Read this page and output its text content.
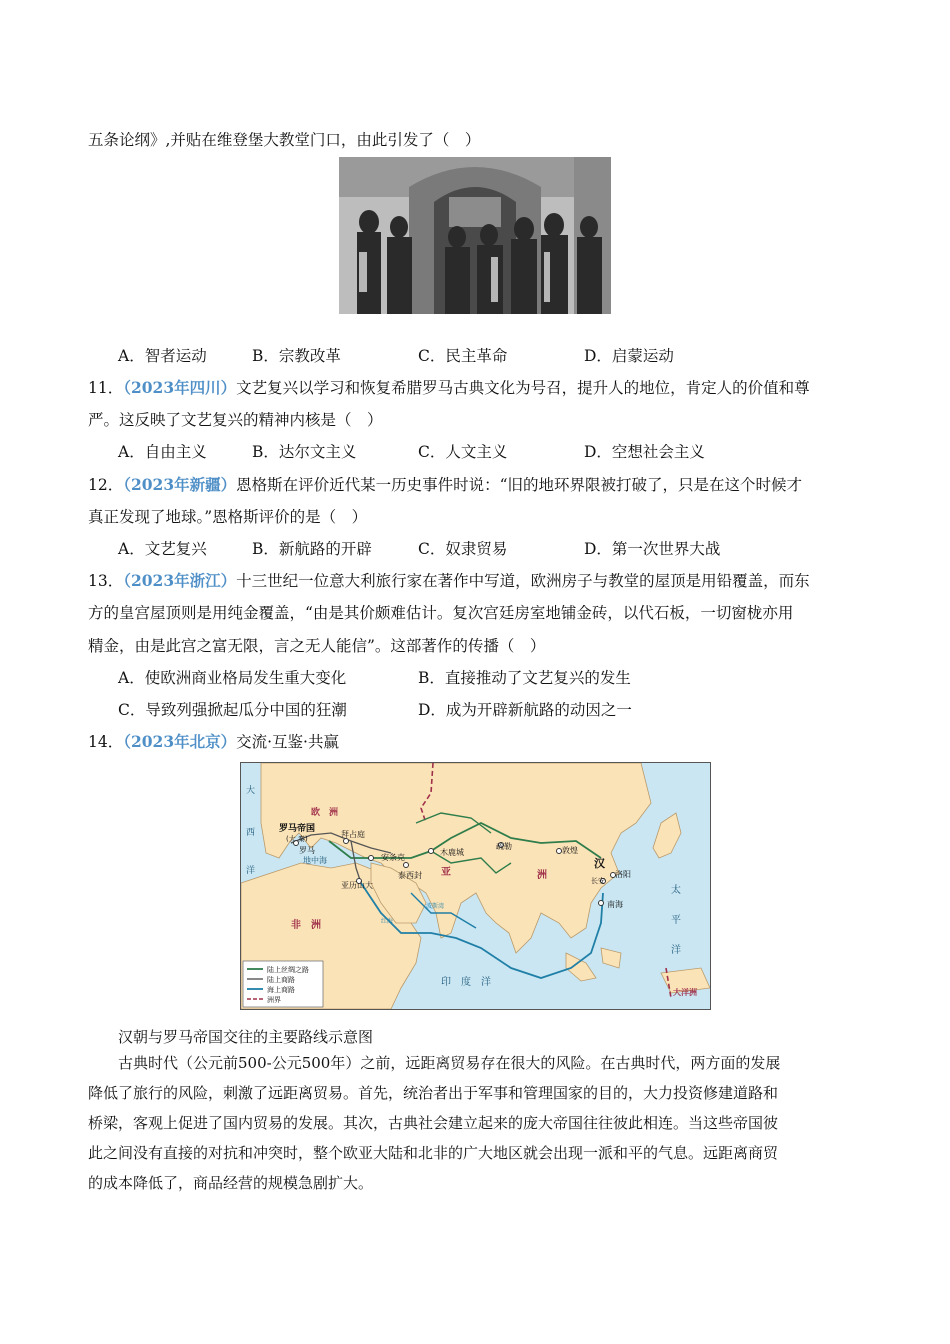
五条论纲》,并贴在维登堡大教堂门口，由此引发了（　）
A．智者运动	B．宗教改革	C．民主革命	D．启蒙运动
11．（2023年四川）文艺复兴以学习和恢复希腊罗马古典文化为号召，提升人的地位，肯定人的价值和尊
严。这反映了文艺复兴的精神内核是（　）
A．自由主义	B．达尔文主义	C．人文主义	D．空想社会主义
12．（2023年新疆）恩格斯在评价近代某一历史事件时说：“旧的地环界限被打破了，只是在这个时候才
真正发现了地球。”恩格斯评价的是（　）
A．文艺复兴	B．新航路的开辟	C．奴隶贸易	D．第一次世界大战
13．（2023年浙江）十三世纪一位意大利旅行家在著作中写道，欧洲房子与教堂的屋顶是用铅覆盖，而东
方的皇宫屋顶则是用纯金覆盖，“由是其价颇难估计。复次宫廷房室地铺金砖，以代石板，一切窗栊亦用
精金，由是此宫之富无限，言之无人能信”。这部著作的传播（　）
A．使欧洲商业格局发生重大变化	B．直接推动了文艺复兴的发生
C．导致列强掀起瓜分中国的狂潮	D．成为开辟新航路的动因之一
14．（2023年北京）交流·互鉴·共赢
欧　洲
罗马帝国
(大 秦)
罗马
拜占庭
安条克
亚历山大
泰西封 亚	洲
木鹿城
疏勒	敦煌
汉
长安
洛阳
南海
非　洲	红海
波斯湾
大
西
洋
地中海
印　度　洋
太
平
洋
大洋洲
陆上丝绸之路
陆上商路
海上商路
洲界
汉朝与罗马帝国交往的主要路线示意图

古典时代（公元前500-公元500年）之前，远距离贸易存在很大的风险。在古典时代，两方面的发展

降低了旅行的风险，刺激了远距离贸易。首先，统治者出于军事和管理国家的目的，大力投资修建道路和

桥梁，客观上促进了国内贸易的发展。其次，古典社会建立起来的庞大帝国往往彼此相连。当这些帝国彼

此之间没有直接的对抗和冲突时，整个欧亚大陆和北非的广大地区就会出现一派和平的气息。远距离商贸

的成本降低了，商品经营的规模急剧扩大。
